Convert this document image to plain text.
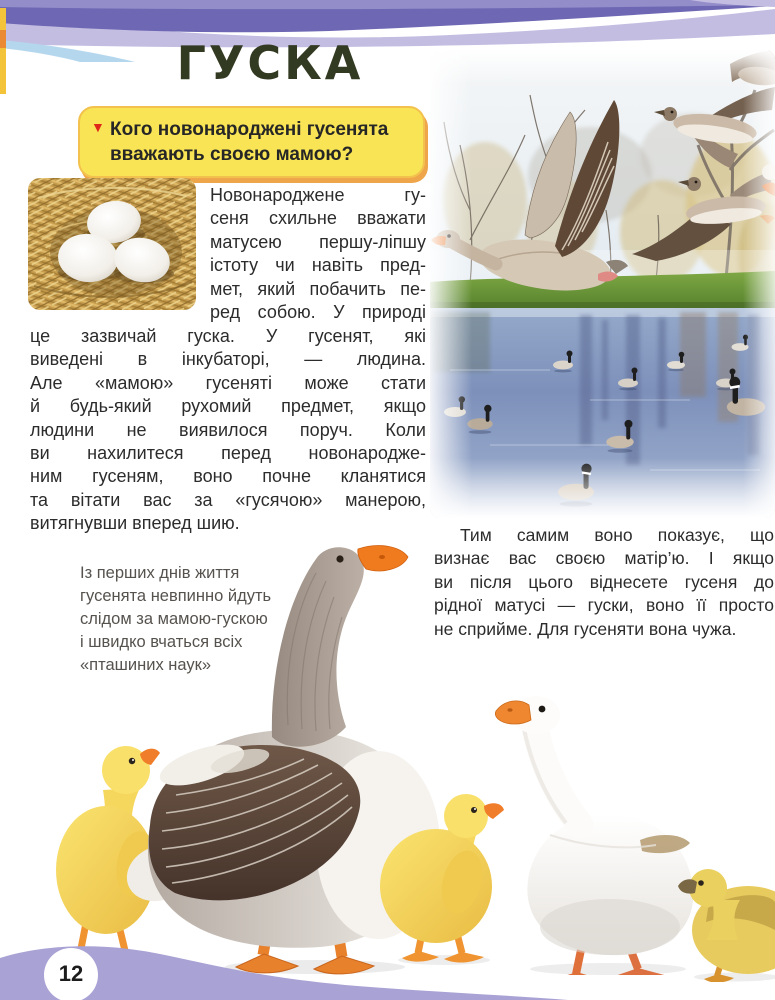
ГУСКА
▼ Кого новонароджені гусенята
вважають своєю мамою?
Новонароджене гу-
сеня схильне вважати
матусею першу-ліпшу
істоту чи навіть пред-
мет, який побачить пе-
ред собою. У природі
це зазвичай гуска. У гусенят, які
виведені в інкубаторі, — людина.
Але «мамою» гусеняті може стати
й будь-який рухомий предмет, якщо
людини не виявилося поруч. Коли
ви нахилитеся перед новонародже-
ним гусеням, воно почне кланятися
та вітати вас за «гусячою» манерою,
витягнувши вперед шию.
Із перших днів життя
гусенята невпинно йдуть
слідом за мамою-гускою
і швидко вчаться всіх
«пташиних наук»
Тим самим воно показує, що
визнає вас своєю матір’ю. І якщо
ви після цього віднесете гусеня до
рідної матусі — гуски, воно її просто
не сприйме. Для гусеняти вона чужа.
12
